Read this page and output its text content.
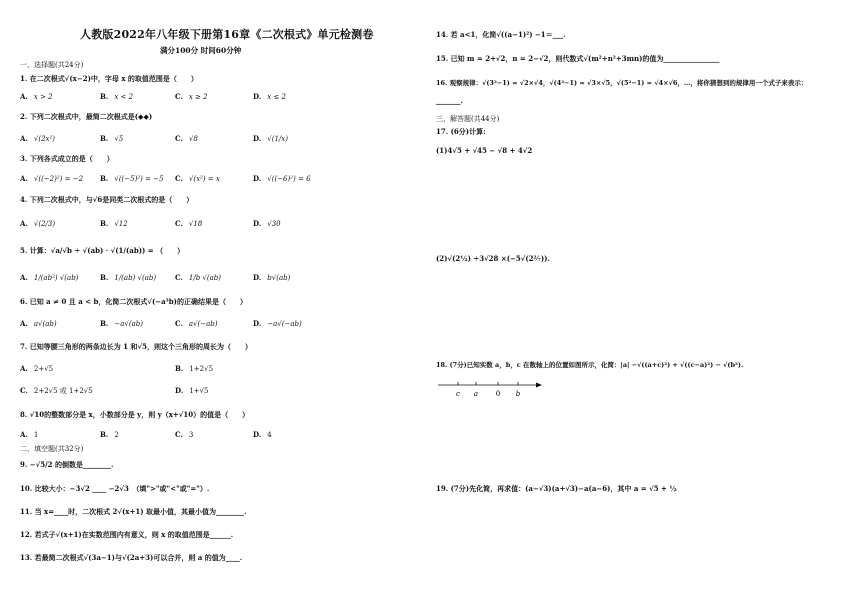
人教版2022年八年级下册第16章《二次根式》单元检测卷
满分100分 时间60分钟
一、选择题(共24分)
1. 在二次根式√(x−2)中，字母 x 的取值范围是（　　）
A. x > 2	B. x < 2	C. x ≥ 2	D. x ≤ 2
2. 下列二次根式中，最简二次根式是(◆◆)
A. √(2x²)	B. √5	C. √8	D. √(1/x)
3. 下列各式成立的是（　　）
A. √((−2)²) = −2 B. √((−5)²) = −5 C. √(x²) = x	D. √((−6)²) = 6
4. 下列二次根式中，与√6是同类二次根式的是（　　）
A. √(2/3)	B. √12	C. √18	D. √30
5. 计算：√a/√b ÷ √(ab) · √(1/(ab)) = （　　）
A. 1/(ab²) √(ab)	B. 1/(ab) √(ab)	C. 1/b √(ab)	D. b√(ab)
6. 已知 a ≠ 0 且 a < b，化简二次根式√(−a³b)的正确结果是（　　）
A. a√(ab)	B. −a√(ab)	C. a√(−ab)	D. −a√(−ab)
7. 已知等腰三角形的两条边长为 1 和√5，则这个三角形的周长为（　　）
A. 2+√5	B. 1+2√5
C. 2+2√5 或 1+2√5	D. 1+√5
8. √10的整数部分是 x，小数部分是 y，则 y（x+√10）的值是（　　）
A. 1	B. 2	C. 3	D. 4
二、填空题(共32分)
9. −√5/2 的倒数是________.
10. 比较大小：−3√2 ____ −2√3　（填">"或"<"或"="）.
11. 当 x=____时，二次根式 2√(x+1) 取最小值，其最小值为________.
12. 若式子√(x+1)在实数范围内有意义，则 x 的取值范围是______.
13. 若最简二次根式√(3a−1)与√(2a+3)可以合并，则 a 的值为____.
14. 若 a<1，化简√((a−1)²) −1＝___.
15. 已知 m = 2+√2，n = 2−√2，则代数式√(m²+n²+3mn)的值为________________
16. 观察规律：√(3²−1) = √2×√4，√(4²−1) = √3×√5，√(5²−1) = √4×√6，…，将你猜想到的规律用一个式子来表示：
_______.
三、解答题(共44分)
17. (6分)计算:
(1)4√5 + √45 − √8 + 4√2
(2)√(2½) ÷3√28 ×(−5√(2²⁄₇)).
18. (7分)已知实数 a，b，c 在数轴上的位置如图所示，化简：|a| −√((a+c)²) + √((c−a)²) − √(b²).
c a	0 b
19. (7分)先化简，再求值：(a−√3)(a+√3)−a(a−6)，其中 a = √5 + ½
